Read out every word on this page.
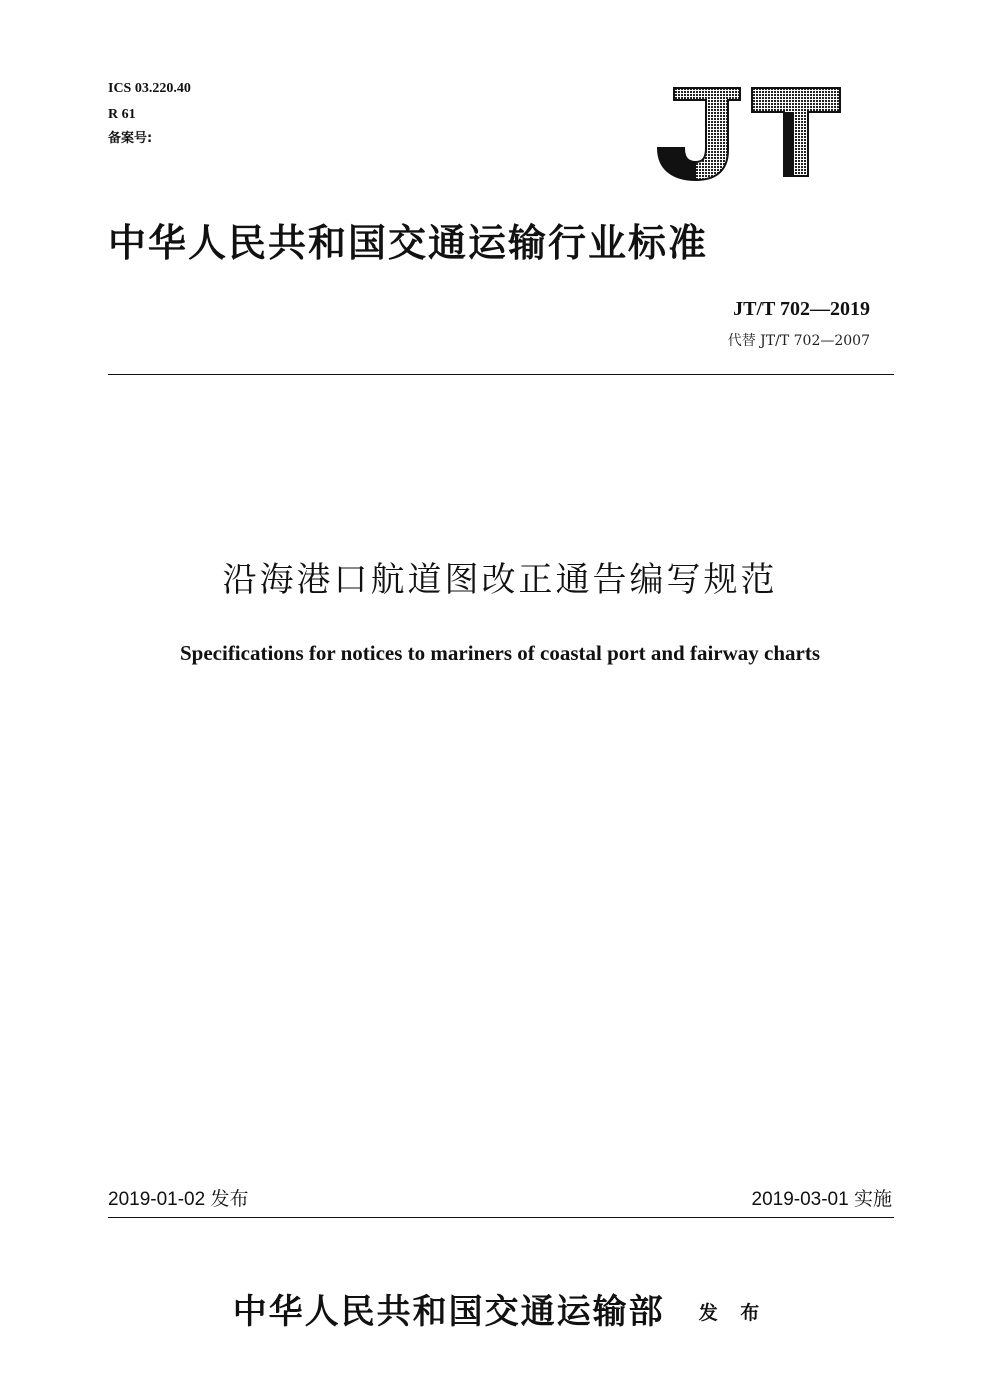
ICS 03.220.40
R 61
备案号:
中华人民共和国交通运输行业标准
JT/T 702—2019
代替 JT/T 702—2007
沿海港口航道图改正通告编写规范
Specifications for notices to mariners of coastal port and fairway charts
2019-01-02 发布	2019-03-01 实施
中华人民共和国交通运输部 发 布
